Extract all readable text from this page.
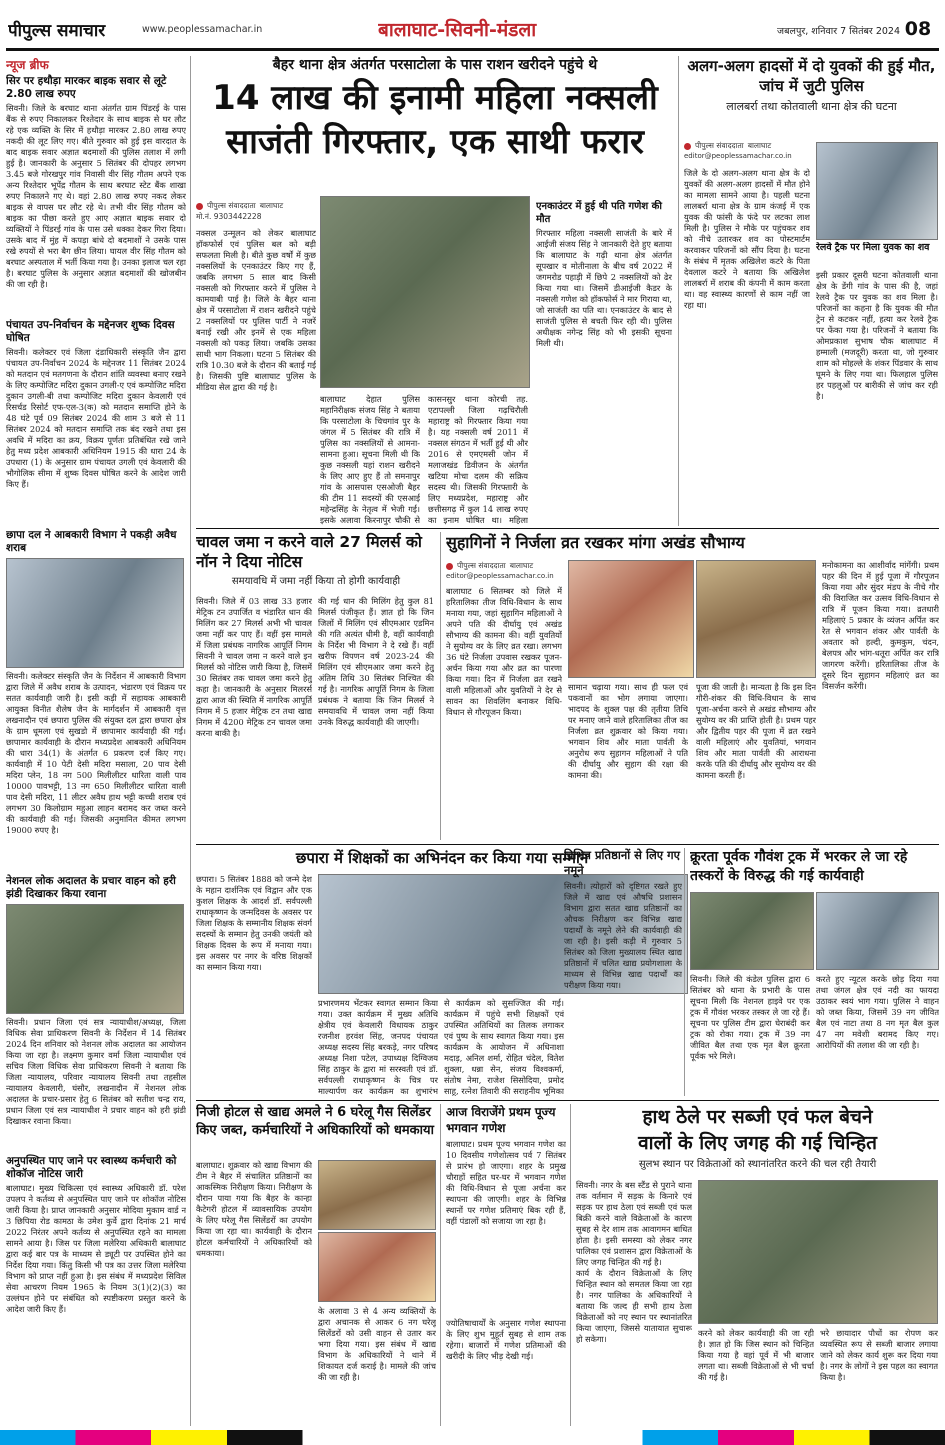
पीपुल्स समाचार	www.peoplessamachar.in	बालाघाट-सिवनी-मंडला	जबलपुर, शनिवार 7 सितंबर 2024 08
न्यूज ब्रीफ
सिर पर हथौड़ा मारकर बाइक सवार से लूटे 2.80 लाख रुपए
सिवनी। जिले के बरघाट थाना अंतर्गत ग्राम पिंडरई के पास बैंक से रुपए निकालकर रिश्तेदार के साथ बाइक से घर लौट रहे एक व्यक्ति के सिर में हथौड़ा मारकर 2.80 लाख रुपए नकदी की लूट लिए गए। बीते गुरुवार को हुई इस वारदात के बाद बाइक सवार अज्ञात बदमाशों की पुलिस तलाश में लगी हुई है। जानकारी के अनुसार 5 सितंबर की दोपहर लगभग 3.45 बजे गोरखपुर गांव निवासी वीर सिंह गौतम अपने एक अन्य रिश्तेदार भूपेंद्र गौतम के साथ बरघाट स्टेट बैंक शाखा रुपए निकालने गए थे। वहां 2.80 लाख रुपए नकद लेकर बाइक से वापस घर लौट रहे थे। तभी वीर सिंह गौतम को बाइक का पीछा करते हुए आए अज्ञात बाइक सवार दो व्यक्तियों ने पिंडरई गांव के पास उसे धक्का देकर गिरा दिया। उसके बाद में मुंह में कपड़ा बांधे दो बदमाशों ने उसके पास रखे रुपयों से भरा बैग छीन लिया। घायल वीर सिंह गौतम को बरघाट अस्पताल में भर्ती किया गया है। उनका इलाज चल रहा है। बरघाट पुलिस के अनुसार अज्ञात बदमाशों की खोजबीन की जा रही है।
पंचायत उप-निर्वाचन के मद्देनजर शुष्क दिवस घोषित
सिवनी। कलेक्टर एवं जिला दंडाधिकारी संस्कृति जैन द्वारा पंचायत उप-निर्वाचन 2024 के मद्देनजर 11 सितंबर 2024 को मतदान एवं मतगणना के दौरान शांति व्यवस्था बनाए रखने के लिए कम्पोजिट मदिरा दुकान उगली-ए एवं कम्पोजिट मदिरा दुकान उगली-बी तथा कम्पोजिट मदिरा दुकान केवलारी एवं रिसर्चड रिसोर्ट एफ-एल-3(क) को मतदान समाप्ति होने के 48 घंटे पूर्व 09 सितंबर 2024 की शाम 3 बजे से 11 सितंबर 2024 को मतदान समाप्ति तक बंद रखने तथा इस अवधि में मदिरा का क्रय, विक्रय पूर्णतः प्रतिबंधित रखे जाने हेतु मध्य प्रदेश आबकारी अधिनियम 1915 की धारा 24 के उपधारा (1) के अनुसार ग्राम पंचायत उगली एवं केवलारी की भौगोलिक सीमा में शुष्क दिवस घोषित करने के आदेश जारी किए हैं।
छापा दल ने आबकारी विभाग ने पकड़ी अवैध शराब
सिवनी। कलेक्टर संस्कृति जैन के निर्देशन में आबकारी विभाग द्वारा जिले में अवैध शराब के उत्पादन, भंडारण एवं विक्रय पर सतत कार्यवाही जारी है। इसी कड़ी में सहायक आबकारी आयुक्त विनीत शैलेष जैन के मार्गदर्शन में आबकारी वृत्त लखनादौन एवं छपारा पुलिस की संयुक्त दल द्वारा छपारा क्षेत्र के ग्राम धूमला एवं सुखडो में छापामार कार्यवाही की गई। छापामार कार्यवाही के दौरान मध्यप्रदेश आबकारी अधिनियम की धारा 34(1) के अंतर्गत 6 प्रकरण दर्ज किए गए। कार्यवाही में 10 पेटी देसी मदिरा मसाला, 20 पाव देसी मदिरा प्लेन, 18 नग 500 मिलीलीटर धारिता वाली पाव 10000 पावभट्टी, 13 नग 650 मिलीलीटर धारिता वाली पाव देसी मदिरा, 11 लीटर अवैध हाथ भट्टी कच्ची शराब एवं लगभग 30 किलोग्राम महुआ लाहन बरामद कर जब्त करने की कार्यवाही की गई। जिसकी अनुमानित कीमत लगभग 19000 रुपए है।
नेशनल लोक अदालत के प्रचार वाहन को हरी झंडी दिखाकर किया रवाना
सिवनी। प्रधान जिला एवं सत्र न्यायाधीश/अध्यक्ष, जिला विधिक सेवा प्राधिकरण सिवनी के निर्देशन में 14 सितंबर 2024 दिन शनिवार को नेशनल लोक अदालत का आयोजन किया जा रहा है। लक्ष्मण कुमार वर्मा जिला न्यायाधीश एवं सचिव जिला विधिक सेवा प्राधिकरण सिवनी ने बताया कि जिला न्यायालय, परिवार न्यायालय सिवनी तथा तहसील न्यायालय केवलारी, घंसौर, लखनादौन में नेशनल लोक अदालत के प्रचार-प्रसार हेतु 6 सितंबर को सतीश चन्द्र राय, प्रधान जिला एवं सत्र न्यायाधीश ने प्रचार वाहन को हरी झंडी दिखाकर रवाना किया।
अनुपस्थित पाए जाने पर स्वास्थ्य कर्मचारी को शोकॉज नोटिस जारी
बालाघाट। मुख्य चिकित्सा एवं स्वास्थ्य अधिकारी डॉ. परेश उपलप ने कर्तव्य से अनुपस्थित पाए जाने पर शोकॉज नोटिस जारी किया है। प्राप्त जानकारी अनुसार मोदिया मुकाम वार्ड न 3 छिपिया रोड कामठा के उमेश कुर्वे द्वारा दिनांक 21 मार्च 2022 निरंतर अपने कर्तव्य से अनुपस्थित रहने का मामला सामने आया है। जिस पर जिला मलेरिया अधिकारी बालाघाट द्वारा कई बार पत्र के माध्यम से ड्यूटी पर उपस्थित होने का निर्देश दिया गया। किंतु किसी भी पत्र का उत्तर जिला मलेरिया विभाग को प्राप्त नहीं हुआ है। इस संबंध में मध्यप्रदेश सिविल सेवा आचरण नियम 1965 के नियम 3(1)(2)(3) का उल्लंघन होने पर संबंधित को स्पष्टीकरण प्रस्तुत करने के आदेश जारी किए हैं।
बैहर थाना क्षेत्र अंतर्गत परसाटोला के पास राशन खरीदने पहुंचे थे
14 लाख की इनामी महिला नक्सली
साजंती गिरफ्तार, एक साथी फरार
पीपुल्स संवाददाता बालाघाट
मो.नं. 9303442228
नक्सल उन्मूलन को लेकर बालाघाट हॉकफोर्स एवं पुलिस बल को बड़ी सफलता मिली है। बीते कुछ वर्षों में कुछ नक्सलियों के एनकाउंटर किए गए हैं, जबकि लगभग 5 साल बाद किसी नक्सली को गिरफ्तार करने में पुलिस ने कामयाबी पाई है। जिले के बैहर थाना क्षेत्र में परसाटोला में राशन खरीदने पहुंचे 2 नक्सलियों पर पुलिस पार्टी ने नजरें बनाई रखी और इनमें से एक महिला नक्सली को पकड़ लिया। जबकि उसका साथी भाग निकला। घटना 5 सितंबर की रात्रि 10.30 बजे के दौरान की बताई गई है। जिसकी पुष्टि बालाघाट पुलिस के मीडिया सेल द्वारा की गई है।
बालाघाट देहात पुलिस महानिरीक्षक संजय सिंह ने बताया कि परसाटोला के चिचगांव पुर के जंगल में 5 सितंबर की रात्रि में पुलिस का नक्सलियों से आमना-सामना हुआ। सूचना मिली थी कि कुछ नक्सली यहां राशन खरीदने के लिए आए हुए हैं तो समनापुर गांव के आसपास एसओजी बैहर की टीम 11 सदस्यों की एसआई महेन्द्रसिंह के नेतृत्व में भेजी गई। इसके अलावा किरनापुर चौकी से
कासनसुर थाना कोरची तह. एटापल्ली जिला गढ़चिरौली महाराष्ट्र को गिरफ्तार किया गया है। यह नक्सली वर्ष 2011 में नक्सल संगठन में भर्ती हुई थी और 2016 से एमएमसी जोन में मलाजखंड डिवीजन के अंतर्गत खटिया मोचा दलम की सक्रिय सदस्य थी। जिसकी गिरफ्तारी के लिए मध्यप्रदेश, महाराष्ट्र और छत्तीसगढ़ में कुल 14 लाख रुपए का इनाम घोषित था। महिला
एनकाउंटर में हुई थी पति गणेश की मौत
गिरफ्तार महिला नक्सली साजंती के बारे में आईजी संजय सिंह ने जानकारी देते हुए बताया कि बालाघाट के गढ़ी थाना क्षेत्र अंतर्गत सूपखार व मोतीनाला के बीच वर्ष 2022 में जगमरोड पहाड़ी में छिपे 2 नक्सलियों को ढेर किया गया था। जिसमें डीआईजी कैडर के नक्सली गणेश को हॉकफोर्स ने मार गिराया था, जो साजंती का पति था। एनकाउंटर के बाद से साजंती पुलिस से बचती फिर रही थी। पुलिस अधीक्षक नगेन्द्र सिंह को भी इसकी सूचना मिली थी।
अलग-अलग हादसों में दो युवकों की हुई मौत, जांच में जुटी पुलिस
लालबर्रा तथा कोतवाली थाना क्षेत्र की घटना
पीपुल्स संवाददाता बालाघाट
editor@peoplessamachar.co.in
जिले के दो अलग-अलग थाना क्षेत्र के दो युवकों की अलग-अलग हादसों में मौत होने का मामला सामने आया है। पहली घटना लालबर्रा थाना क्षेत्र के ग्राम कंजई में एक युवक की फांसी के फंदे पर लटका लाश मिली है। पुलिस ने मौके पर पहुंचकर शव को नीचे उतारकर शव का पोस्टमार्टम करवाकर परिजनों को सौंप दिया है। घटना के संबंध में मृतक अखिलेश कटरे के पिता देवलाल कटरे ने बताया कि अखिलेश लालबर्रा में शराब की कंपनी में काम करता था। वह स्वास्थ्य कारणों से काम नहीं जा रहा था।
रेलवे ट्रैक पर मिला युवक का शव
इसी प्रकार दूसरी घटना कोतवाली थाना क्षेत्र के डेंगी गांव के पास की है, जहां रेलवे ट्रैक पर युवक का शव मिला है। परिजनों का कहना है कि युवक की मौत ट्रेन से कटकर नहीं, हत्या कर रेलवे ट्रैक पर फेंका गया है। परिजनों ने बताया कि ओमप्रकाश सुभाष चौक बालाघाट में हम्माली (मजदूरी) करता था, जो गुरुवार शाम को मोहल्ले के शंकर पिंडवार के साथ घूमने के लिए गया था। फिलहाल पुलिस हर पहलुओं पर बारीकी से जांच कर रही है।
चावल जमा न करने वाले 27 मिलर्स को नॉन ने दिया नोटिस
समयावधि में जमा नहीं किया तो होगी कार्यवाही
सिवनी। जिले में 03 लाख 33 हजार मेट्रिक टन उपार्जित व भंडारित धान की मिलिंग कर 27 मिलर्स अभी भी चावल जमा नहीं कर पाए हैं। वहीं इस मामले में जिला प्रबंधक नागरिक आपूर्ति निगम सिवनी ने चावल जमा न करने वाले इन मिलर्स को नोटिस जारी किया है, जिसमें 30 सितंबर तक चावल जमा करने हेतु कहा है। जानकारी के अनुसार मिलरर्स द्वारा आज की स्थिति में नागरिक आपूर्ति निगम में 5 हजार मेट्रिक टन तथा खाद्य निगम में 4200 मेट्रिक टन चावल जमा करना बाकी है।
की गई धान की मिलिंग हेतु कुल 81 मिलर्स पंजीकृत हैं। ज्ञात हो कि जिन जिलों में मिलिंग एवं सीएमआर एडमिन की गति अत्यंत धीमी है, वहीं कार्यवाही के निर्देश भी विभाग ने दे रखे हैं। वहीं खरीफ विपणन वर्ष 2023-24 की मिलिंग एवं सीएमआर जमा करने हेतु अंतिम तिथि 30 सितंबर निश्चित की गई है। नागरिक आपूर्ति निगम के जिला प्रबंधक ने बताया कि जिन मिलर्स ने समयावधि में चावल जमा नहीं किया उनके विरुद्ध कार्यवाही की जाएगी।
सुहागिनों ने निर्जला व्रत रखकर मांगा अखंड सौभाग्य
पीपुल्स संवाददाता बालाघाट
editor@peoplessamachar.co.in
बालाघाट 6 सितम्बर को जिले में हरितालिका तीज विधि-विधान के साथ मनाया गया, जहां सुहागिन महिलाओं ने अपने पति की दीर्घायु एवं अखंड सौभाग्य की कामना की। वहीं युवतियों ने सुयोग्य वर के लिए व्रत रखा। लगभग 36 घंटे निर्जला उपवास रखकर पूजन-अर्चन किया गया और व्रत का पारणा किया गया। दिन में निर्जला व्रत रखने वाली महिलाओं और युवतियों ने देर से सावन का शिवलिंग बनाकर विधि-विधान से गौरपूजन किया।
सामान चढ़ाया गया। साथ ही फल एवं पकवानों का भोग लगाया जाएगा। भादपद के शुक्ल पक्ष की तृतीया तिथि पर मनाए जाने वाले हरितालिका तीज का निर्जला व्रत शुक्रवार को किया गया। भगवान शिव और माता पार्वती के अनुरोध रूप सुहागन महिलाओं ने पति की दीर्घायु और सुहाग की रक्षा की कामना की।
पूजा की जाती है। मान्यता है कि इस दिन गौरी-शंकर की विधि-विधान के साथ पूजा-अर्चना करने से अखंड सौभाग्य और सुयोग्य वर की प्राप्ति होती है। प्रथम पहर और द्वितीय पहर की पूजा में व्रत रखने वाली महिलाएं और युवतियां, भगवान शिव और माता पार्वती की आराधना करके पति की दीर्घायु और सुयोग्य वर की कामना करती हैं।
मनोकामना का आशीर्वाद मांगेंगी। प्रथम पहर की दिन में हुई पूजा में गौरपूजन किया गया और सुंदर मंडप के नीचे गौर की विराजित कर उत्सव विधि-विधान से रात्रि में पूजन किया गया। व्रतधारी महिलाएं 5 प्रकार के व्यंजन अर्पित कर रेत से भगवान शंकर और पार्वती के अवतार को हल्दी, कुमकुम, चंदन, बेलपत्र और भांग-धतूरा अर्पित कर रात्रि जागरण करेंगी। हरितालिका तीज के दूसरे दिन सुहागन महिलाएं व्रत का विसर्जन करेंगी।
छपारा में शिक्षकों का अभिनंदन कर किया गया सम्मान
छपारा। 5 सितंबर 1888 को जन्मे देश के महान दार्शनिक एवं विद्वान और एक कुशल शिक्षक के आदर्श डॉ. सर्वपल्ली राधाकृष्णन के जन्मदिवस के अवसर पर जिला शिक्षक के सम्मानीय शिक्षक संवर्ग सदस्यों के सम्मान हेतु उनकी जयंती को शिक्षक दिवस के रूप में मनाया गया। इस अवसर पर नगर के वरिष्ठ शिक्षकों का सम्मान किया गया।
प्रभारणमय भेंटकर स्वागत सम्मान किया गया। उक्त कार्यक्रम में मुख्य अतिथि क्षेत्रीय एवं केवलारी विधायक ठाकुर रजनीश हरवंश सिंह, जनपद पंचायत अध्यक्ष सदस्य सिंह बरकड़े, नगर परिषद अध्यक्ष निशा पटेल, उपाध्यक्ष दिग्विजय सिंह ठाकुर के द्वारा मां सरस्वती एवं डॉ. सर्वपल्ली राधाकृष्णन के चित्र पर माल्यार्पण कर कार्यक्रम का शुभारंभ
से कार्यक्रम को सुसज्जित की गई। कार्यक्रम में पहुंचे सभी शिक्षकों एवं उपस्थित अतिथियों का तिलक लगाकर एवं पुष्प के साथ स्वागत किया गया। इस कार्यक्रम के आयोजन में अधिनाशा मदाड़, अनिल शर्मा, रोहित चंदेल, वितेश शुक्ला, धन्ना सेन, संजय विश्वकर्मा, संतोष नेमा, राजेश सिसोदिया, प्रमोद साहू, रत्नेश तिवारी की सराहनीय भूमिका
विभिन्न प्रतिष्ठानों से लिए गए नमूने
सिवनी। त्योहारों को दृष्टिगत रखते हुए जिले में खाद्य एवं औषधि प्रशासन विभाग द्वारा सतत खाद्य प्रतिष्ठानों का औचक निरीक्षण कर विभिन्न खाद्य पदार्थों के नमूने लेने की कार्यवाही की जा रही है। इसी कड़ी में गुरुवार 5 सितंबर को जिला मुख्यालय स्थित खाद्य प्रतिष्ठानों में चलित खाद्य प्रयोगशाला के माध्यम से विभिन्न खाद्य पदार्थों का परीक्षण किया गया।
क्रूरता पूर्वक गौवंश ट्रक में भरकर ले जा रहे तस्करों के विरुद्ध की गई कार्यवाही
सिवनी। जिले की कंडेल पुलिस द्वारा 6 सितंबर को थाना के प्रभारी के पास सूचना मिली कि नेशनल हाइवे पर एक ट्रक में गौवंश भरकर तस्कर ले जा रहे हैं। सूचना पर पुलिस टीम द्वारा घेराबंदी कर ट्रक को रोका गया। ट्रक में 39 नग जीवित बैल तथा एक मृत बैल क्रूरता पूर्वक भरे मिले।
करते हुए न्यूटल करके छोड़ दिया गया तथा जंगल क्षेत्र एवं नदी का फायदा उठाकर स्वयं भाग गया। पुलिस ने वाहन को जब्त किया, जिसमें 39 नग जीवित बैल एवं नाटा तथा 8 नग मृत बैल कुल 47 नग मवेशी बरामद किए गए। आरोपियों की तलाश की जा रही है।
निजी होटल से खाद्य अमले ने 6 घरेलू गैस सिलेंडर किए जब्त, कर्मचारियों ने अधिकारियों को धमकाया
बालाघाट। शुक्रवार को खाद्य विभाग की टीम ने बैहर में संचालित प्रतिष्ठानों का आकस्मिक निरीक्षण किया। निरीक्षण के दौरान पाया गया कि बैहर के कान्हा कैटेगरी होटल में व्यावसायिक उपयोग के लिए घरेलू गैस सिलेंडरों का उपयोग किया जा रहा था। कार्यवाही के दौरान होटल कर्मचारियों ने अधिकारियों को धमकाया।
के अलावा 3 से 4 अन्य व्यक्तियों के द्वारा अचानक से आकर 6 नग घरेलू सिलेंडरों को उसी वाहन से उतार कर भगा दिया गया। इस संबंध में खाद्य विभाग के अधिकारियों ने थाने में शिकायत दर्ज कराई है। मामले की जांच की जा रही है।
आज विराजेंगे प्रथम पूज्य भगवान गणेश
बालाघाट। प्रथम पूज्य भगवान गणेश का 10 दिवसीय गणेशोत्सव पर्व 7 सितंबर से प्रारंभ हो जाएगा। शहर के प्रमुख चौराहों सहित घर-घर में भगवान गणेश की विधि-विधान से पूजा अर्चना कर स्थापना की जाएगी। शहर के विभिन्न स्थानों पर गणेश प्रतिमाएं बिक रही हैं, वहीं पंडालों को सजाया जा रहा है।
ज्योतिषाचार्यों के अनुसार गणेश स्थापना के लिए शुभ मुहूर्त सुबह से शाम तक रहेगा। बाजारों में गणेश प्रतिमाओं की खरीदी के लिए भीड़ देखी गई।
हाथ ठेले पर सब्जी एवं फल बेचने
वालों के लिए जगह की गई चिन्हित
सुलभ स्थान पर विक्रेताओं को स्थानांतरित करने की चल रही तैयारी
सिवनी। नगर के बस स्टैंड से पुराने थाना तक वर्तमान में सड़क के किनारे एवं सड़क पर हाथ ठेला एवं सब्जी एवं फल बिक्री करने वाले विक्रेताओं के कारण सुबह से देर शाम तक आवागमन बाधित होता है। इसी समस्या को लेकर नगर पालिका एवं प्रशासन द्वारा विक्रेताओं के लिए जगह चिन्हित की गई है।
कार्य के दौरान विक्रेताओं के लिए चिन्हित स्थान को समतल किया जा रहा है। नगर पालिका के अधिकारियों ने बताया कि जल्द ही सभी हाथ ठेला विक्रेताओं को नए स्थान पर स्थानांतरित किया जाएगा, जिससे यातायात सुचारू हो सकेगा।
करने को लेकर कार्यवाही की जा रही है। ज्ञात हो कि जिस स्थान को चिन्हित किया गया है वहां पूर्व में भी बाजार लगता था। सब्जी विक्रेताओं से भी चर्चा की गई है।
भरे छायादार पौधों का रोपण कर व्यवस्थित रूप से सब्जी बाजार लगाया जाने को लेकर कार्य शुरू कर दिया गया है। नगर के लोगों ने इस पहल का स्वागत किया है।
